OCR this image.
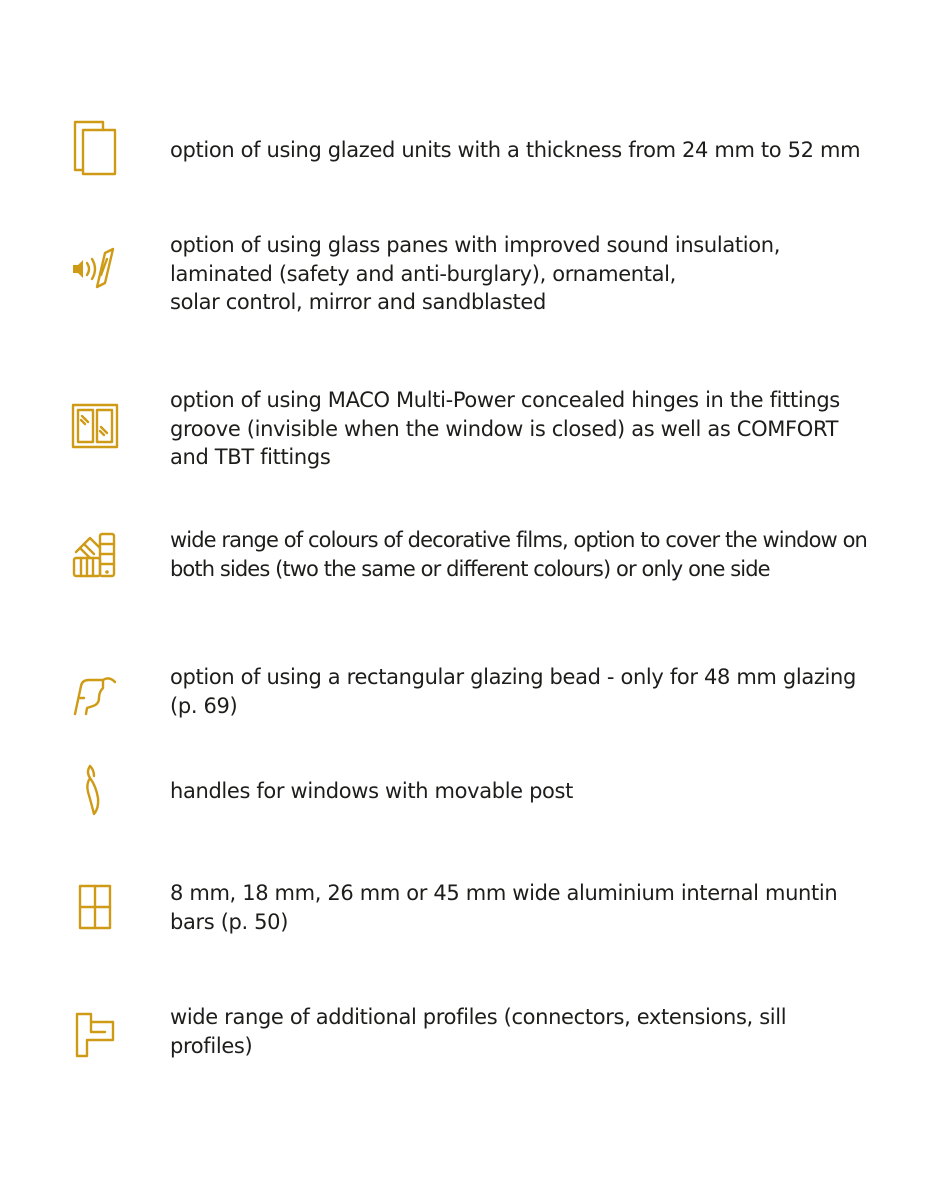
option of using glazed units with a thickness from 24 mm to 52 mm

option of using glass panes with improved sound insulation,
laminated (safety and anti-burglary), ornamental,
solar control, mirror and sandblasted

option of using MACO Multi-Power concealed hinges in the fittings
groove (invisible when the window is closed) as well as COMFORT
and TBT fittings

wide range of colours of decorative films, option to cover the window on
both sides (two the same or different colours) or only one side

option of using a rectangular glazing bead - only for 48 mm glazing
(p. 69)

handles for windows with movable post

8 mm, 18 mm, 26 mm or 45 mm wide aluminium internal muntin
bars (p. 50)

wide range of additional profiles (connectors, extensions, sill
profiles)
